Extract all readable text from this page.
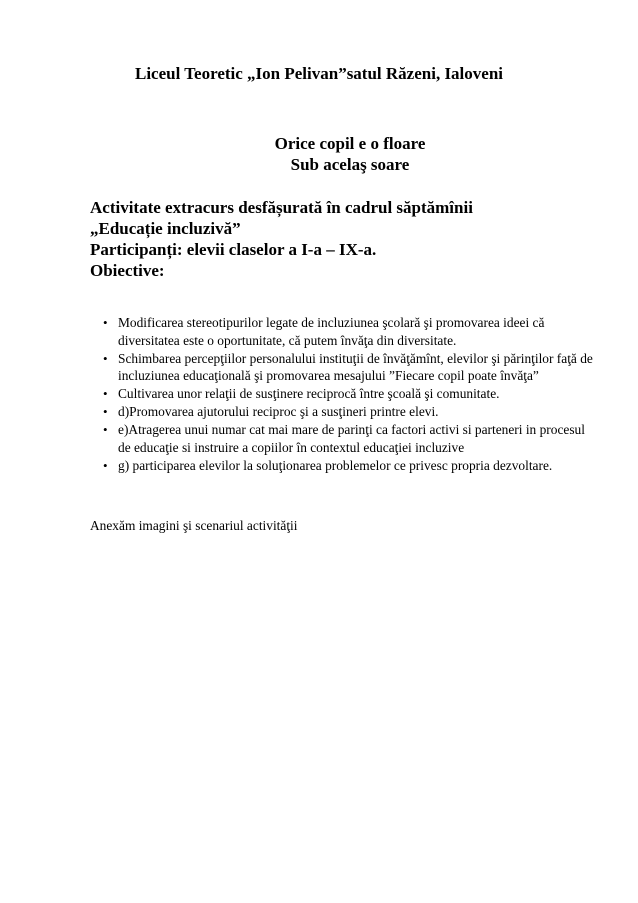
Liceul Teoretic „Ion Pelivan”satul Răzeni, Ialoveni
Orice copil e o floare
Sub acelaş soare
Activitate extracurs desfășurată în cadrul săptămînii
„Educație incluzivă”
Participanți: elevii claselor a I-a – IX-a.
Obiective:
• Modificarea stereotipurilor legate de incluziunea şcolară şi promovarea ideei că diversitatea este o oportunitate, că putem învăţa din diversitate.
• Schimbarea percepţiilor personalului instituţii de învăţămînt, elevilor şi părinţilor faţă de incluziunea educaţională şi promovarea mesajului ”Fiecare copil poate învăţa”
• Cultivarea unor relaţii de susţinere reciprocă între şcoală şi comunitate.
• d)Promovarea ajutorului reciproc şi a susţineri printre elevi.
• e)Atragerea unui numar cat mai mare de parinţi ca factori activi si parteneri in procesul de educaţie si instruire a copiilor în contextul educaţiei incluzive
• g) participarea elevilor la soluţionarea problemelor ce privesc propria dezvoltare.
Anexăm imagini şi scenariul activităţii
